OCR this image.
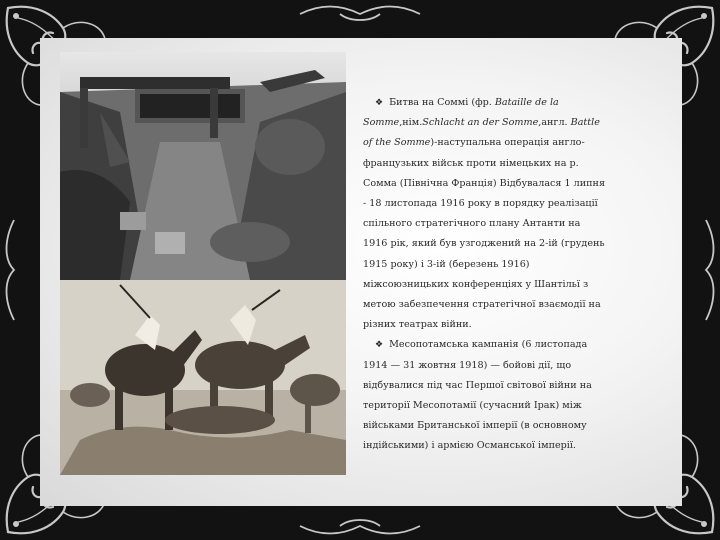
❖ Битва на Соммі (фр. Bataille de la Somme,нім.Schlacht an der Somme,англ. Battle of the Somme)-наступальна операція англо-французьких військ проти німецьких на р. Сомма (Північна Франція) Відбувалася 1 липня - 18 листопада 1916 року в порядку реалізації спільного стратегічного плану Антанти на 1916 рік, який був узгоджений на 2-ій (грудень 1915 року) і 3-ій (березень 1916) міжсоюзницьких конференціях у Шантільї з метою забезпечення стратегічної взаємодії на різних театрах війни.

❖ Месопотамська кампанія (6 листопада 1914 — 31 жовтня 1918) — бойові дії, що відбувалися під час Першої світової війни на території Месопотамії (сучасний Ірак) між військами Британської імперії (в основному індійськими) і армією Османської імперії.
